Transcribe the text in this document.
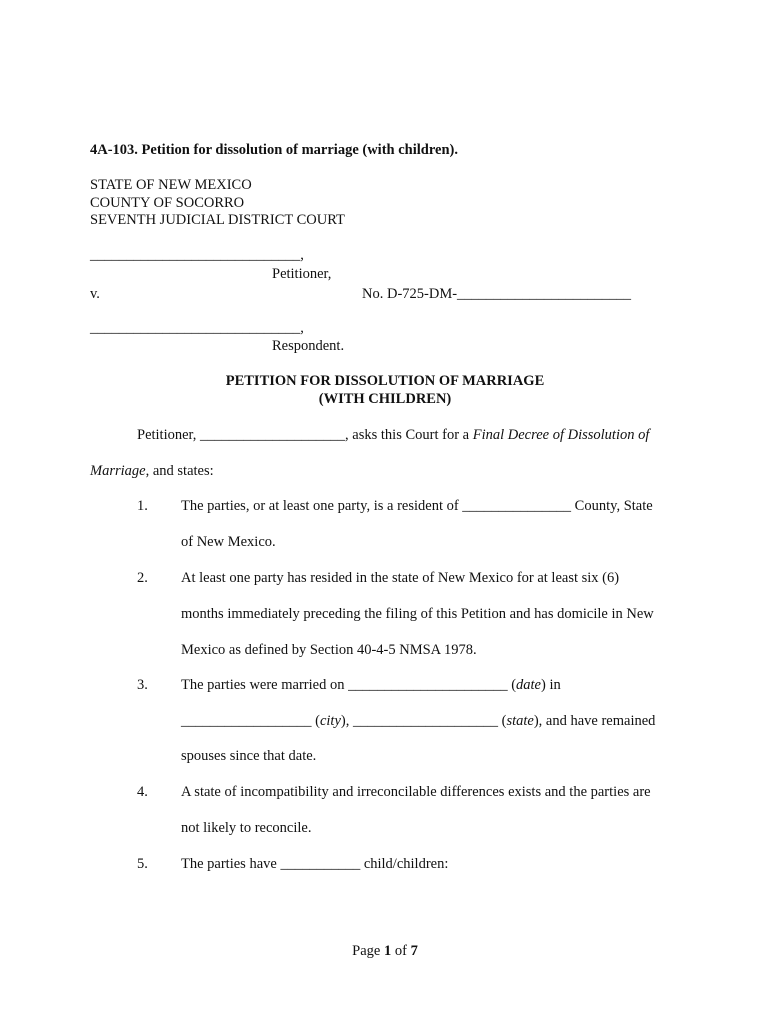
4A-103. Petition for dissolution of marriage (with children).
STATE OF NEW MEXICO
COUNTY OF SOCORRO
SEVENTH JUDICIAL DISTRICT COURT
_____________________________,
Petitioner,
v.	No. D-725-DM-________________________
_____________________________,
Respondent.
PETITION FOR DISSOLUTION OF MARRIAGE
(WITH CHILDREN)
Petitioner, ____________________, asks this Court for a Final Decree of Dissolution of
Marriage, and states:
1. The parties, or at least one party, is a resident of _______________ County, State
of New Mexico.
2. At least one party has resided in the state of New Mexico for at least six (6)
months immediately preceding the filing of this Petition and has domicile in New
Mexico as defined by Section 40-4-5 NMSA 1978.
3. The parties were married on ______________________ (date) in
__________________ (city), ____________________ (state), and have remained
spouses since that date.
4. A state of incompatibility and irreconcilable differences exists and the parties are
not likely to reconcile.
5. The parties have ___________ child/children:
Page 1 of 7
